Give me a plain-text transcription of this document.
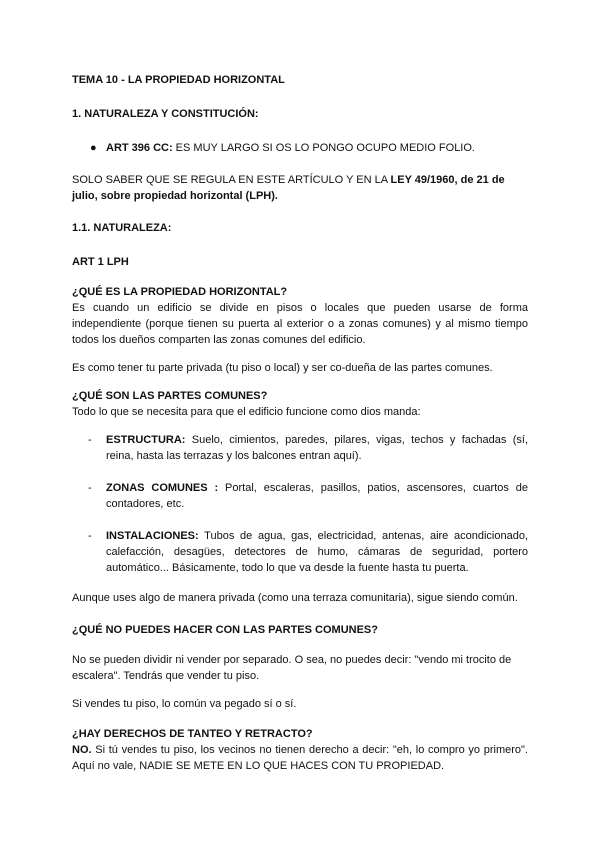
TEMA 10 - LA PROPIEDAD HORIZONTAL

1. NATURALEZA Y CONSTITUCIÓN:

● ART 396 CC: ES MUY LARGO SI OS LO PONGO OCUPO MEDIO FOLIO.

SOLO SABER QUE SE REGULA EN ESTE ARTÍCULO Y EN LA LEY 49/1960, de 21 de julio, sobre propiedad horizontal (LPH).

1.1. NATURALEZA:

ART 1 LPH

¿QUÉ ES LA PROPIEDAD HORIZONTAL?

Es cuando un edificio se divide en pisos o locales que pueden usarse de forma independiente (porque tienen su puerta al exterior o a zonas comunes) y al mismo tiempo todos los dueños comparten las zonas comunes del edificio.

Es como tener tu parte privada (tu piso o local) y ser co-dueña de las partes comunes.

¿QUÉ SON LAS PARTES COMUNES?

Todo lo que se necesita para que el edificio funcione como dios manda:

-	ESTRUCTURA: Suelo, cimientos, paredes, pilares, vigas, techos y fachadas (sí, reina, hasta las terrazas y los balcones entran aquí).

-	ZONAS COMUNES : Portal, escaleras, pasillos, patios, ascensores, cuartos de contadores, etc.

-	INSTALACIONES: Tubos de agua, gas, electricidad, antenas, aire acondicionado, calefacción, desagües, detectores de humo, cámaras de seguridad, portero automático... Básicamente, todo lo que va desde la fuente hasta tu puerta.

Aunque uses algo de manera privada (como una terraza comunitaria), sigue siendo común.

¿QUÉ NO PUEDES HACER CON LAS PARTES COMUNES?

No se pueden dividir ni vender por separado. O sea, no puedes decir: "vendo mi trocito de escalera". Tendrás que vender tu piso.

Si vendes tu piso, lo común va pegado sí o sí.

¿HAY DERECHOS DE TANTEO Y RETRACTO?

NO. Si tú vendes tu piso, los vecinos no tienen derecho a decir: "eh, lo compro yo primero". Aquí no vale, NADIE SE METE EN LO QUE HACES CON TU PROPIEDAD.
